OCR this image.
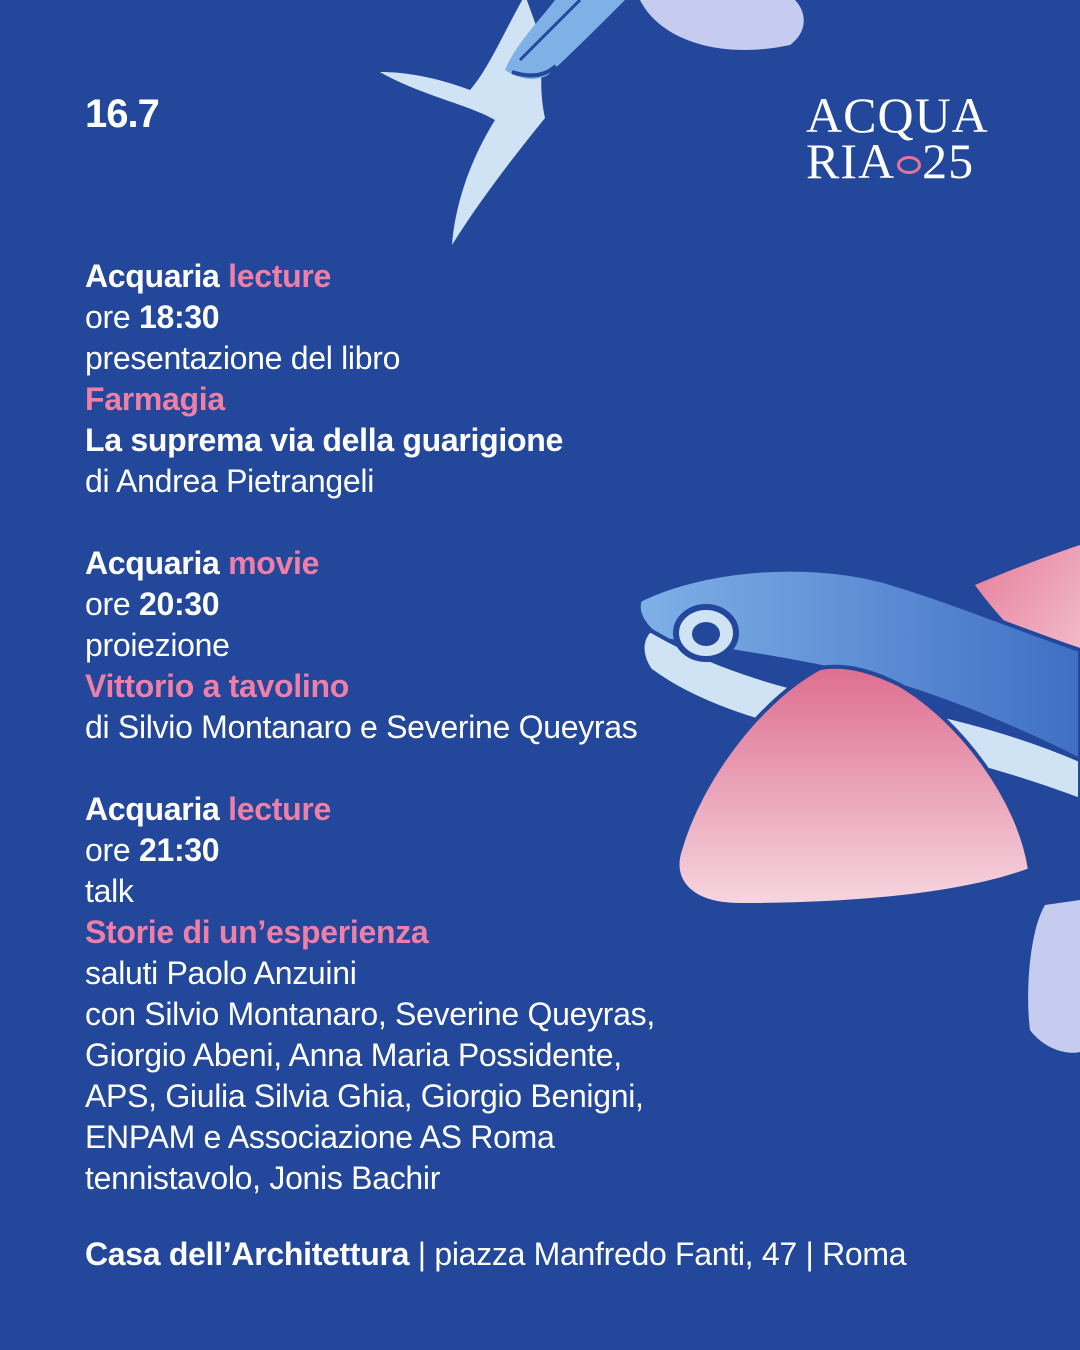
16.7	ACQUA
RIA 25
Acquaria lecture
ore 18:30
presentazione del libro
Farmagia
La suprema via della guarigione
di Andrea Pietrangeli
Acquaria movie
ore 20:30
proiezione
Vittorio a tavolino
di Silvio Montanaro e Severine Queyras
Acquaria lecture
ore 21:30
talk
Storie di un’esperienza
saluti Paolo Anzuini
con Silvio Montanaro, Severine Queyras,
Giorgio Abeni, Anna Maria Possidente,
APS, Giulia Silvia Ghia, Giorgio Benigni,
ENPAM e Associazione AS Roma
tennistavolo, Jonis Bachir
Casa dell’Architettura | piazza Manfredo Fanti, 47 | Roma
